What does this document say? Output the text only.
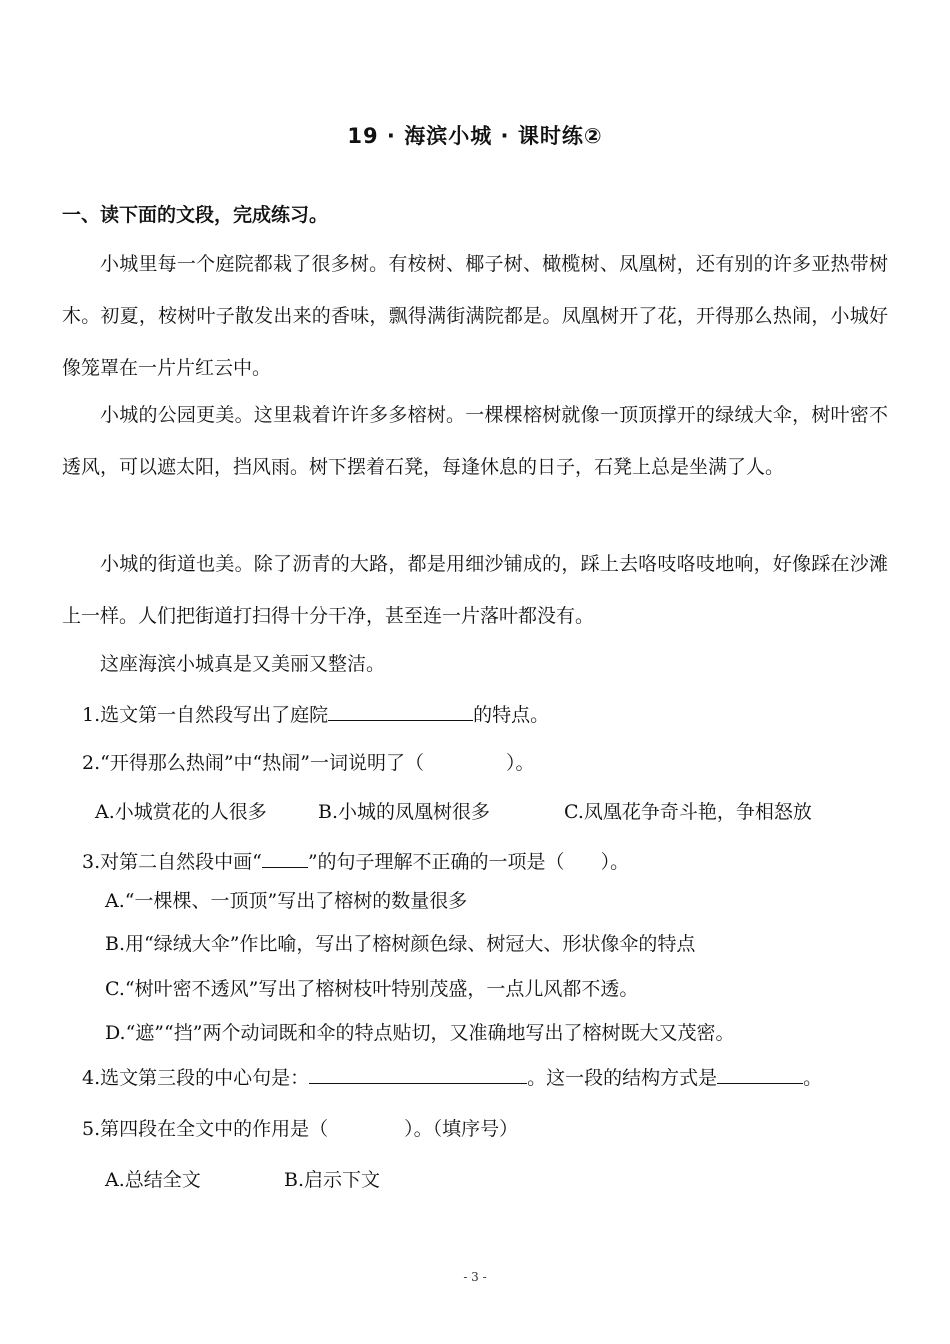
19 · 海滨小城 · 课时练②
一、读下面的文段，完成练习。
小城里每一个庭院都栽了很多树。有桉树、椰子树、橄榄树、凤凰树，还有别的许多亚热带树木。初夏，桉树叶子散发出来的香味，飘得满街满院都是。凤凰树开了花，开得那么热闹，小城好像笼罩在一片片红云中。
小城的公园更美。这里栽着许许多多榕树。一棵棵榕树就像一顶顶撑开的绿绒大伞，树叶密不透风，可以遮太阳，挡风雨。树下摆着石凳，每逢休息的日子，石凳上总是坐满了人。
小城的街道也美。除了沥青的大路，都是用细沙铺成的，踩上去咯吱咯吱地响，好像踩在沙滩上一样。人们把街道打扫得十分干净，甚至连一片落叶都没有。
这座海滨小城真是又美丽又整洁。
1.选文第一自然段写出了庭院	的特点。
2.“开得那么热闹”中“热闹”一词说明了（	）。
A.小城赏花的人很多	B.小城的凤凰树很多	C.凤凰花争奇斗艳，争相怒放
3.对第二自然段中画“ ”的句子理解不正确的一项是（ ）。
A.“一棵棵、一顶顶”写出了榕树的数量很多
B.用“绿绒大伞”作比喻，写出了榕树颜色绿、树冠大、形状像伞的特点
C.“树叶密不透风”写出了榕树枝叶特别茂盛，一点儿风都不透。
D.“遮”“挡”两个动词既和伞的特点贴切，又准确地写出了榕树既大又茂密。
4.选文第三段的中心句是：	。这一段的结构方式是	。
5.第四段在全文中的作用是（	）。（填序号）
A.总结全文	B.启示下文
- 3 -
